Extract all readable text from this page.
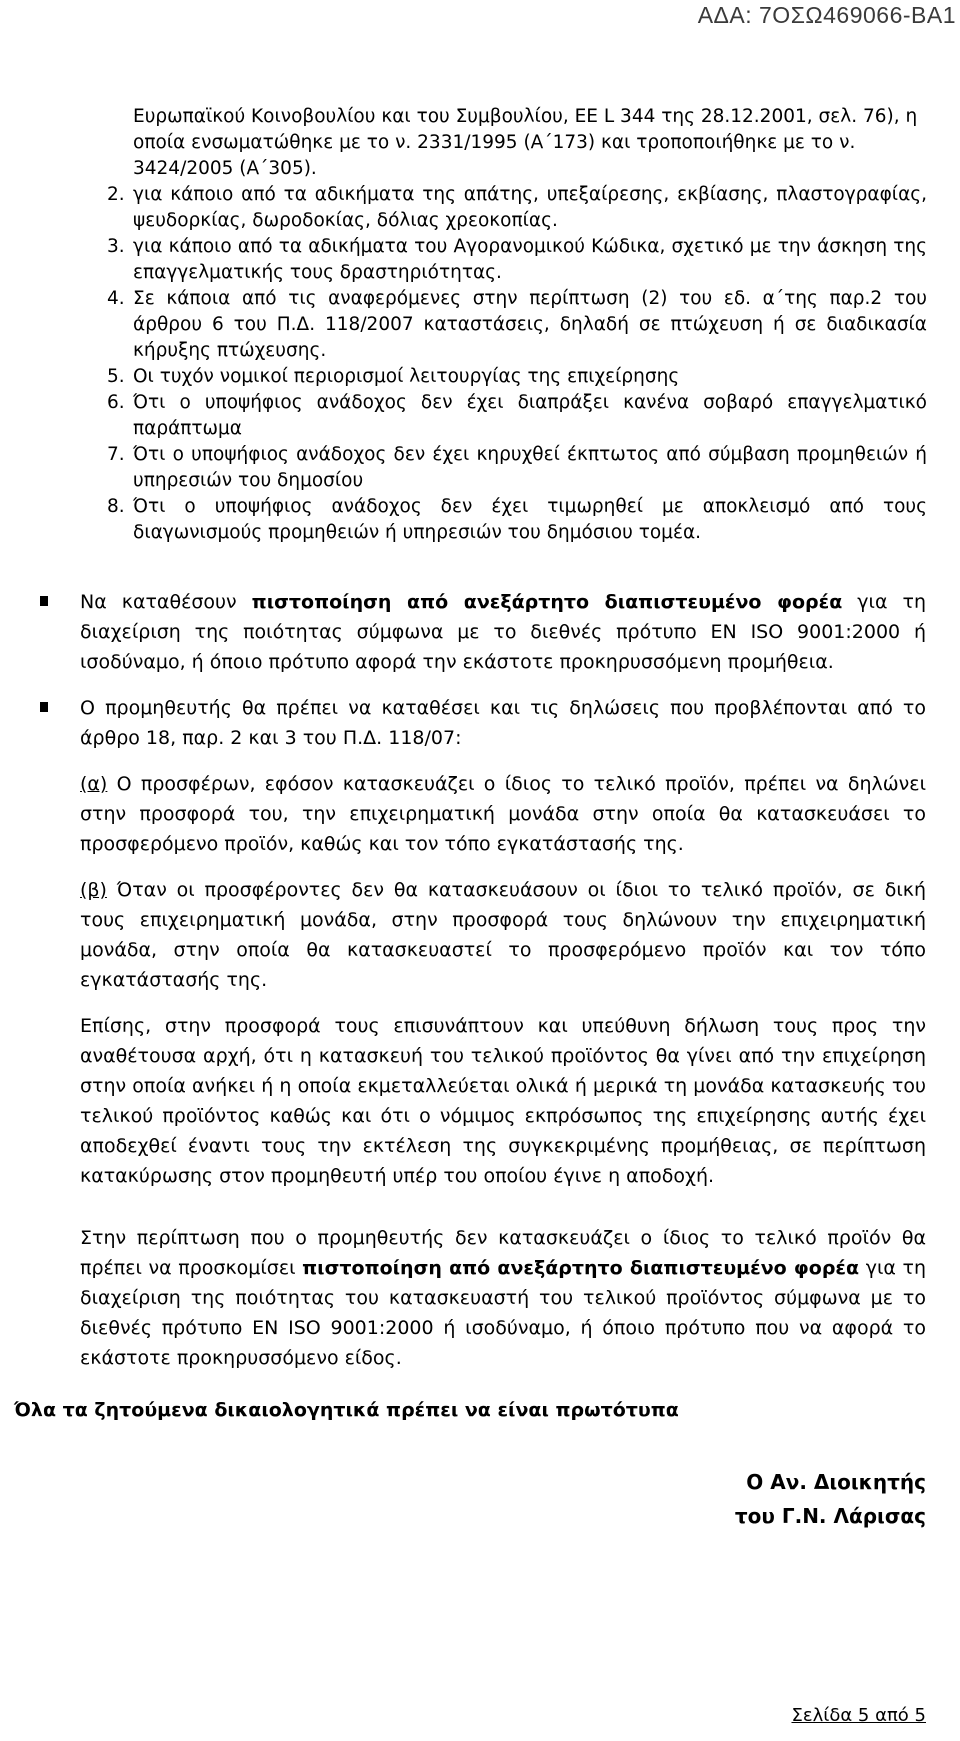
ΑΔΑ: 7ΟΣΩ469066-ΒΑ1

Ευρωπαϊκού Κοινοβουλίου και του Συμβουλίου, ΕΕ L 344 της 28.12.2001, σελ. 76), η οποία ενσωματώθηκε με το ν. 2331/1995 (Α΄173) και τροποποιήθηκε με το ν. 3424/2005 (Α΄305).

2. για κάποιο από τα αδικήματα της απάτης, υπεξαίρεσης, εκβίασης, πλαστογραφίας, ψευδορκίας, δωροδοκίας, δόλιας χρεοκοπίας.

3. για κάποιο από τα αδικήματα του Αγορανομικού Κώδικα, σχετικό με την άσκηση της επαγγελματικής τους δραστηριότητας.

4. Σε κάποια από τις αναφερόμενες στην περίπτωση (2) του εδ. α΄της παρ.2 του άρθρου 6 του Π.Δ. 118/2007 καταστάσεις, δηλαδή σε πτώχευση ή σε διαδικασία κήρυξης πτώχευσης.

5. Οι τυχόν νομικοί περιορισμοί λειτουργίας της επιχείρησης

6. Ότι ο υποψήφιος ανάδοχος δεν έχει διαπράξει κανένα σοβαρό επαγγελματικό παράπτωμα

7. Ότι ο υποψήφιος ανάδοχος δεν έχει κηρυχθεί έκπτωτος από σύμβαση προμηθειών ή υπηρεσιών του δημοσίου

8. Ότι ο υποψήφιος ανάδοχος δεν έχει τιμωρηθεί με αποκλεισμό από τους διαγωνισμούς προμηθειών ή υπηρεσιών του δημόσιου τομέα.

Να καταθέσουν πιστοποίηση από ανεξάρτητο διαπιστευμένο φορέα για τη διαχείριση της ποιότητας σύμφωνα με το διεθνές πρότυπο ΕΝ ISO 9001:2000 ή ισοδύναμο, ή όποιο πρότυπο αφορά την εκάστοτε προκηρυσσόμενη προμήθεια.

Ο προμηθευτής θα πρέπει να καταθέσει και τις δηλώσεις που προβλέπονται από το άρθρο 18, παρ. 2 και 3 του Π.Δ. 118/07:

(α) Ο προσφέρων, εφόσον κατασκευάζει ο ίδιος το τελικό προϊόν, πρέπει να δηλώνει στην προσφορά του, την επιχειρηματική μονάδα στην οποία θα κατασκευάσει το προσφερόμενο προϊόν, καθώς και τον τόπο εγκατάστασής της.

(β) Όταν οι προσφέροντες δεν θα κατασκευάσουν οι ίδιοι το τελικό προϊόν, σε δική τους επιχειρηματική μονάδα, στην προσφορά τους δηλώνουν την επιχειρηματική μονάδα, στην οποία θα κατασκευαστεί το προσφερόμενο προϊόν και τον τόπο εγκατάστασής της.

Επίσης, στην προσφορά τους επισυνάπτουν και υπεύθυνη δήλωση τους προς την αναθέτουσα αρχή, ότι η κατασκευή του τελικού προϊόντος θα γίνει από την επιχείρηση στην οποία ανήκει ή η οποία εκμεταλλεύεται ολικά ή μερικά τη μονάδα κατασκευής του τελικού προϊόντος καθώς και ότι ο νόμιμος εκπρόσωπος της επιχείρησης αυτής έχει αποδεχθεί έναντι τους την εκτέλεση της συγκεκριμένης προμήθειας, σε περίπτωση κατακύρωσης στον προμηθευτή υπέρ του οποίου έγινε η αποδοχή.

Στην περίπτωση που ο προμηθευτής δεν κατασκευάζει ο ίδιος το τελικό προϊόν θα πρέπει να προσκομίσει πιστοποίηση από ανεξάρτητο διαπιστευμένο φορέα για τη διαχείριση της ποιότητας του κατασκευαστή του τελικού προϊόντος σύμφωνα με το διεθνές πρότυπο ΕΝ ISO 9001:2000 ή ισοδύναμο, ή όποιο πρότυπο που να αφορά το εκάστοτε προκηρυσσόμενο είδος.

Όλα τα ζητούμενα δικαιολογητικά πρέπει να είναι πρωτότυπα

Ο Αν. Διοικητής
του Γ.Ν. Λάρισας

Σελίδα 5 από 5
